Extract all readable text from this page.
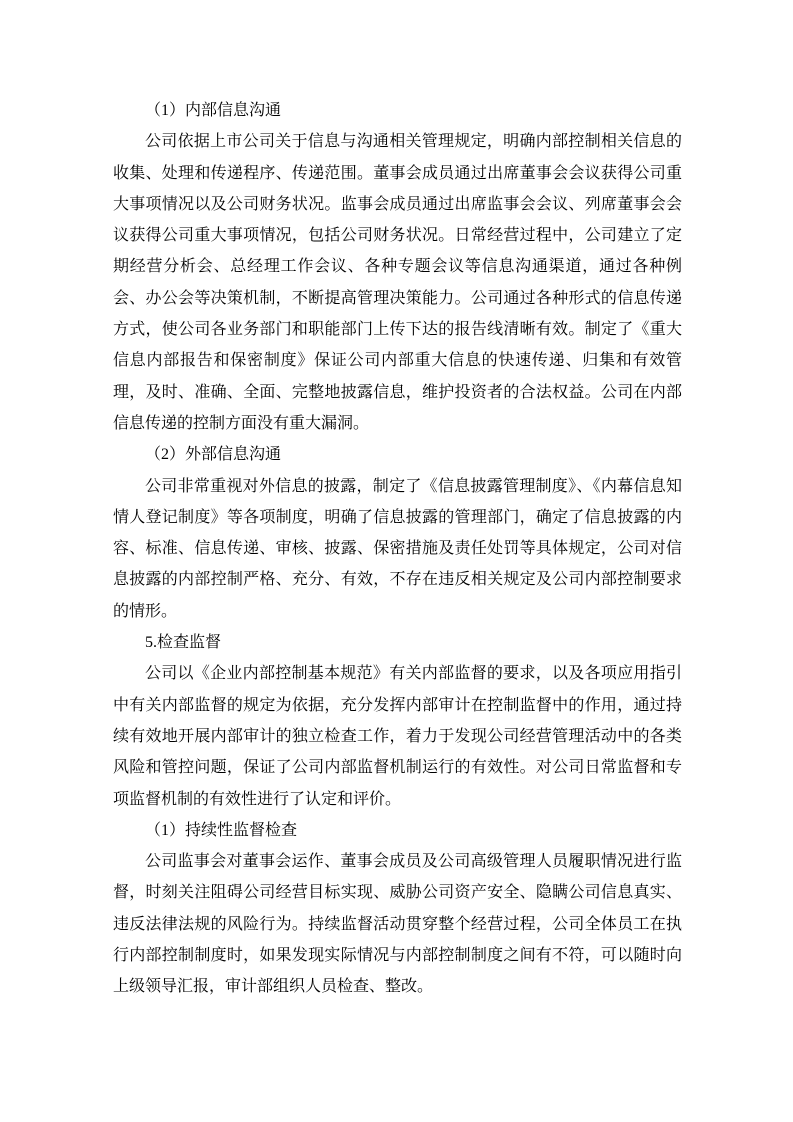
（1）内部信息沟通

公司依据上市公司关于信息与沟通相关管理规定，明确内部控制相关信息的收集、处理和传递程序、传递范围。董事会成员通过出席董事会会议获得公司重大事项情况以及公司财务状况。监事会成员通过出席监事会会议、列席董事会会议获得公司重大事项情况，包括公司财务状况。日常经营过程中，公司建立了定期经营分析会、总经理工作会议、各种专题会议等信息沟通渠道，通过各种例会、办公会等决策机制，不断提高管理决策能力。公司通过各种形式的信息传递方式，使公司各业务部门和职能部门上传下达的报告线清晰有效。制定了《重大信息内部报告和保密制度》保证公司内部重大信息的快速传递、归集和有效管理，及时、准确、全面、完整地披露信息，维护投资者的合法权益。公司在内部信息传递的控制方面没有重大漏洞。

（2）外部信息沟通

公司非常重视对外信息的披露，制定了《信息披露管理制度》、《内幕信息知情人登记制度》等各项制度，明确了信息披露的管理部门，确定了信息披露的内容、标准、信息传递、审核、披露、保密措施及责任处罚等具体规定，公司对信息披露的内部控制严格、充分、有效，不存在违反相关规定及公司内部控制要求的情形。

5.检查监督

公司以《企业内部控制基本规范》有关内部监督的要求，以及各项应用指引中有关内部监督的规定为依据，充分发挥内部审计在控制监督中的作用，通过持续有效地开展内部审计的独立检查工作，着力于发现公司经营管理活动中的各类风险和管控问题，保证了公司内部监督机制运行的有效性。对公司日常监督和专项监督机制的有效性进行了认定和评价。

（1）持续性监督检查

公司监事会对董事会运作、董事会成员及公司高级管理人员履职情况进行监督，时刻关注阻碍公司经营目标实现、威胁公司资产安全、隐瞒公司信息真实、违反法律法规的风险行为。持续监督活动贯穿整个经营过程，公司全体员工在执行内部控制制度时，如果发现实际情况与内部控制制度之间有不符，可以随时向上级领导汇报，审计部组织人员检查、整改。
